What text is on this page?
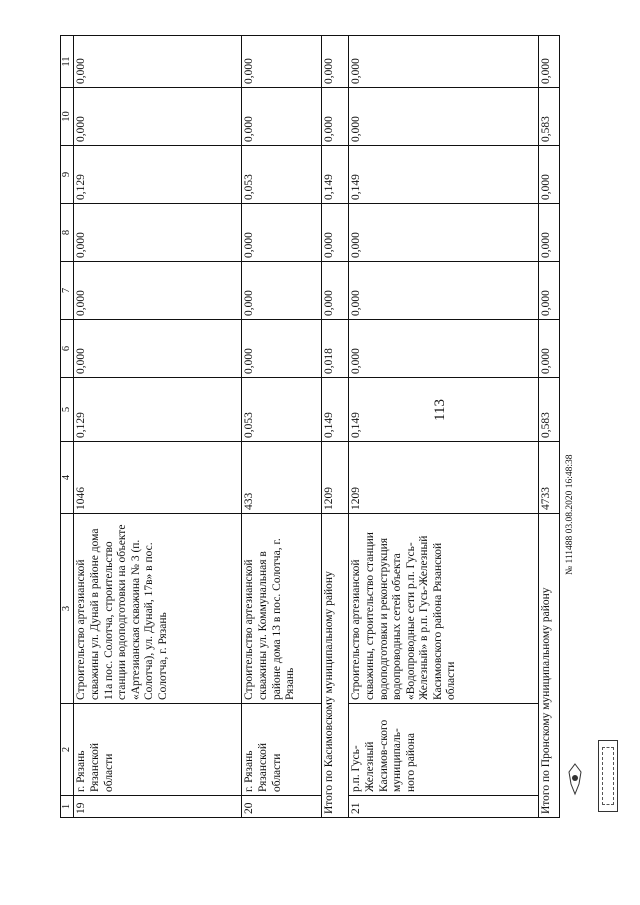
113
1	2	3	4	5	6	7	8	9	10	11
19	г. Рязань Рязанской области	Строительство артезианской скважины ул. Дунай в районе дома 11а пос. Солотча, строительство станции водоподготовки на объекте «Артезианская скважина № 3 (п. Солотча), ул. Дунай, 17в» в пос. Солотча, г. Рязань	1046	0,129	0,000	0,000	0,000	0,129	0,000	0,000
20	г. Рязань Рязанской области	Строительство артезианской скважины ул. Коммунальная в районе дома 13 в пос. Солотча, г. Рязань	433	0,053	0,000	0,000	0,000	0,053	0,000	0,000
Итого по Касимовскому муниципальному району			1209	0,149	0,018	0,000	0,000	0,149	0,000	0,000
21	р.п. Гусь-Железный Касимов-ского муниципаль-ного района	Строительство артезианской скважины, строительство станции водоподготовки и реконструкция водопроводных сетей объекта «Водопроводные сети р.п. Гусь-Железный» в р.п. Гусь-Железный Касимовского района Рязанской области	1209	0,149	0,000	0,000	0,000	0,149	0,000	0,000
Итого по Пронскому муниципальному району			4733	0,583	0,000	0,000	0,000	0,000	0,583	0,000
№ 111488 03.08.2020 16:48:38
